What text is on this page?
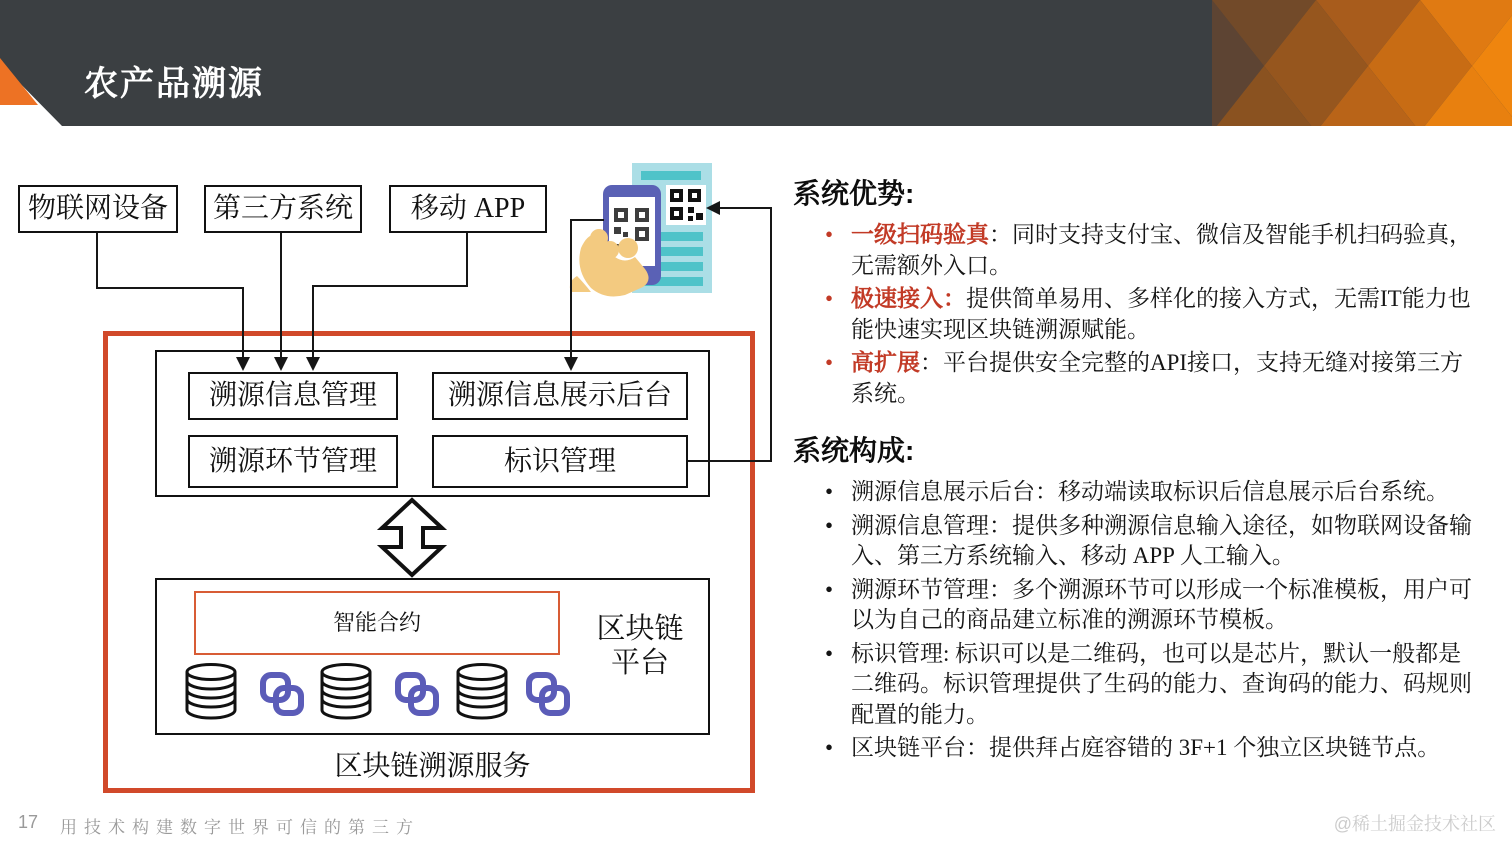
农产品溯源
物联网设备	第三方系统	移动 APP
溯源信息管理	溯源信息展示后台
溯源环节管理	标识管理
智能合约	区块链
平台
区块链溯源服务
系统优势:
• 一级扫码验真：同时支持支付宝、微信及智能手机扫码验真，无需额外入口。
• 极速接入：提供简单易用、多样化的接入方式，无需IT能力也能快速实现区块链溯源赋能。
• 高扩展：平台提供安全完整的API接口，支持无缝对接第三方系统。
系统构成:
• 溯源信息展示后台：移动端读取标识后信息展示后台系统。
• 溯源信息管理：提供多种溯源信息输入途径，如物联网设备输入、第三方系统输入、移动 APP 人工输入。
• 溯源环节管理：多个溯源环节可以形成一个标准模板，用户可以为自己的商品建立标准的溯源环节模板。
• 标识管理: 标识可以是二维码，也可以是芯片，默认一般都是二维码。标识管理提供了生码的能力、查询码的能力、码规则配置的能力。
• 区块链平台：提供拜占庭容错的 3F+1 个独立区块链节点。
17 用技术构建数字世界可信的第三方	@稀土掘金技术社区
